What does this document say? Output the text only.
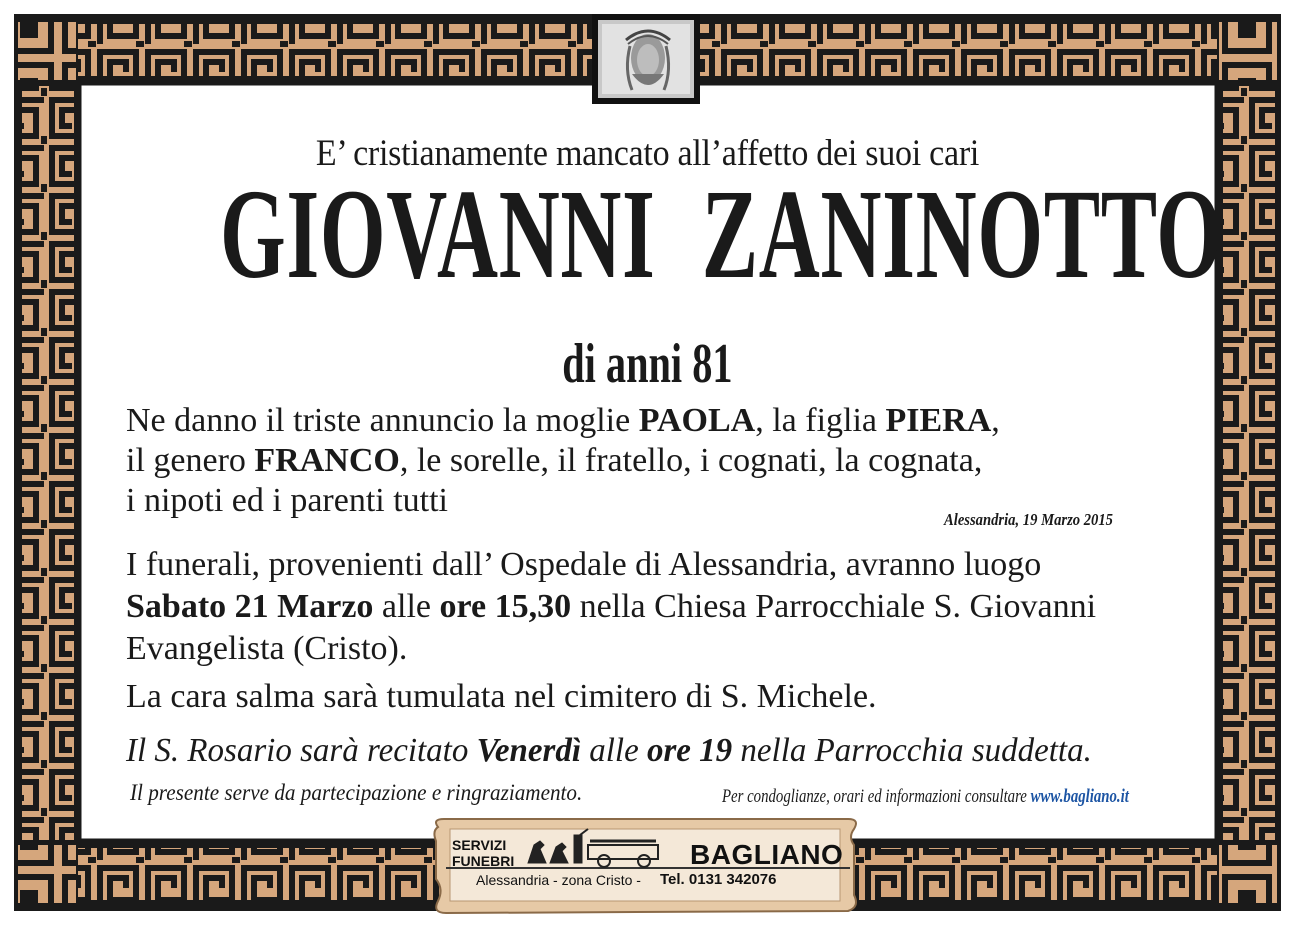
E’ cristianamente mancato all’affetto dei suoi cari
GIOVANNI ZANINOTTO
di anni 81
Ne danno il triste annuncio la moglie PAOLA, la figlia PIERA,
il genero FRANCO, le sorelle, il fratello, i cognati, la cognata,
i nipoti ed i parenti tutti
Alessandria, 19 Marzo 2015
I funerali, provenienti dall’ Ospedale di Alessandria, avranno luogo
Sabato 21 Marzo alle ore 15,30 nella Chiesa Parrocchiale S. Giovanni
Evangelista (Cristo).
La cara salma sarà tumulata nel cimitero di S. Michele.
Il S. Rosario sarà recitato Venerdì alle ore 19 nella Parrocchia suddetta.
Il presente serve da partecipazione e ringraziamento.	Per condoglianze, orari ed informazioni consultare www.bagliano.it
SERVIZI
FUNEBRI	BAGLIANO
Alessandria - zona Cristo - Tel. 0131 342076
